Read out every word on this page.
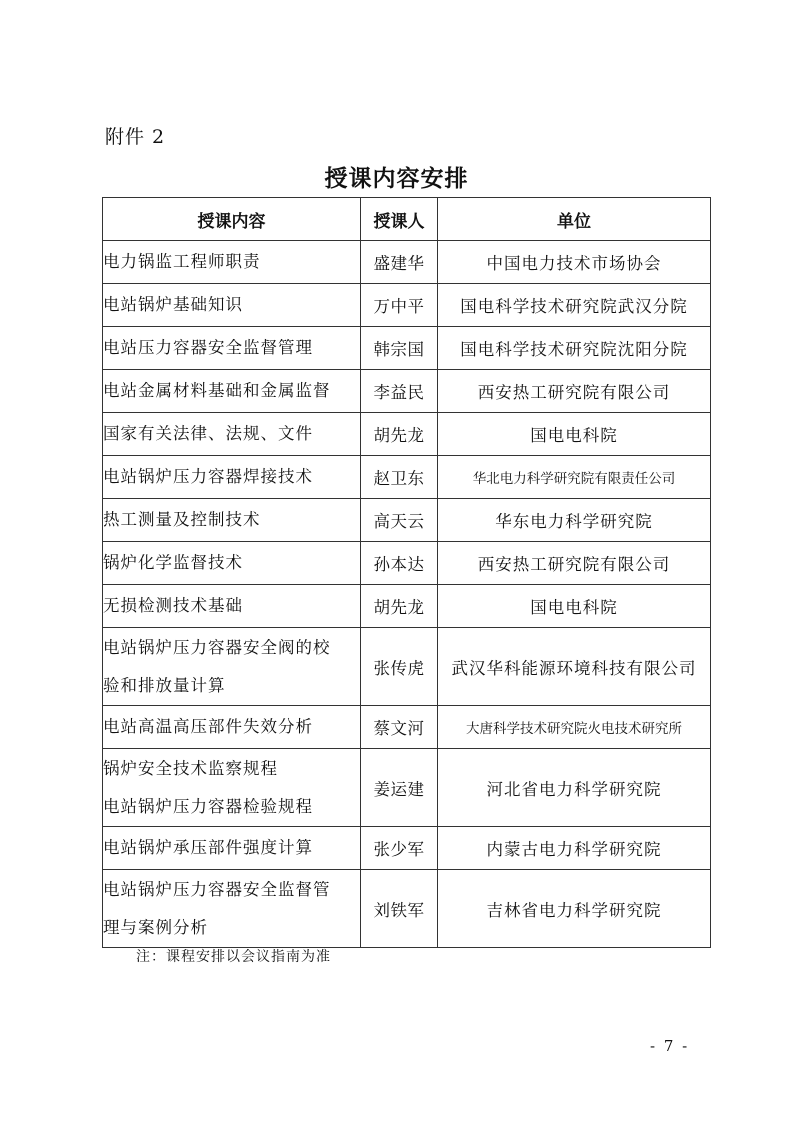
附件 2
授课内容安排
授课内容	授课人	单位

电力锅监工程师职责	盛建华	中国电力技术市场协会

电站锅炉基础知识	万中平	国电科学技术研究院武汉分院

电站压力容器安全监督管理	韩宗国	国电科学技术研究院沈阳分院

电站金属材料基础和金属监督	李益民	西安热工研究院有限公司

国家有关法律、法规、文件	胡先龙	国电电科院

电站锅炉压力容器焊接技术	赵卫东	华北电力科学研究院有限责任公司

热工测量及控制技术	高天云	华东电力科学研究院

锅炉化学监督技术	孙本达	西安热工研究院有限公司

无损检测技术基础	胡先龙	国电电科院

电站锅炉压力容器安全阀的校
验和排放量计算	张传虎	武汉华科能源环境科技有限公司

电站高温高压部件失效分析	蔡文河	大唐科学技术研究院火电技术研究所

锅炉安全技术监察规程
电站锅炉压力容器检验规程	姜运建	河北省电力科学研究院

电站锅炉承压部件强度计算	张少军	内蒙古电力科学研究院

电站锅炉压力容器安全监督管
理与案例分析	刘铁军	吉林省电力科学研究院
注：课程安排以会议指南为准
- 7 -
